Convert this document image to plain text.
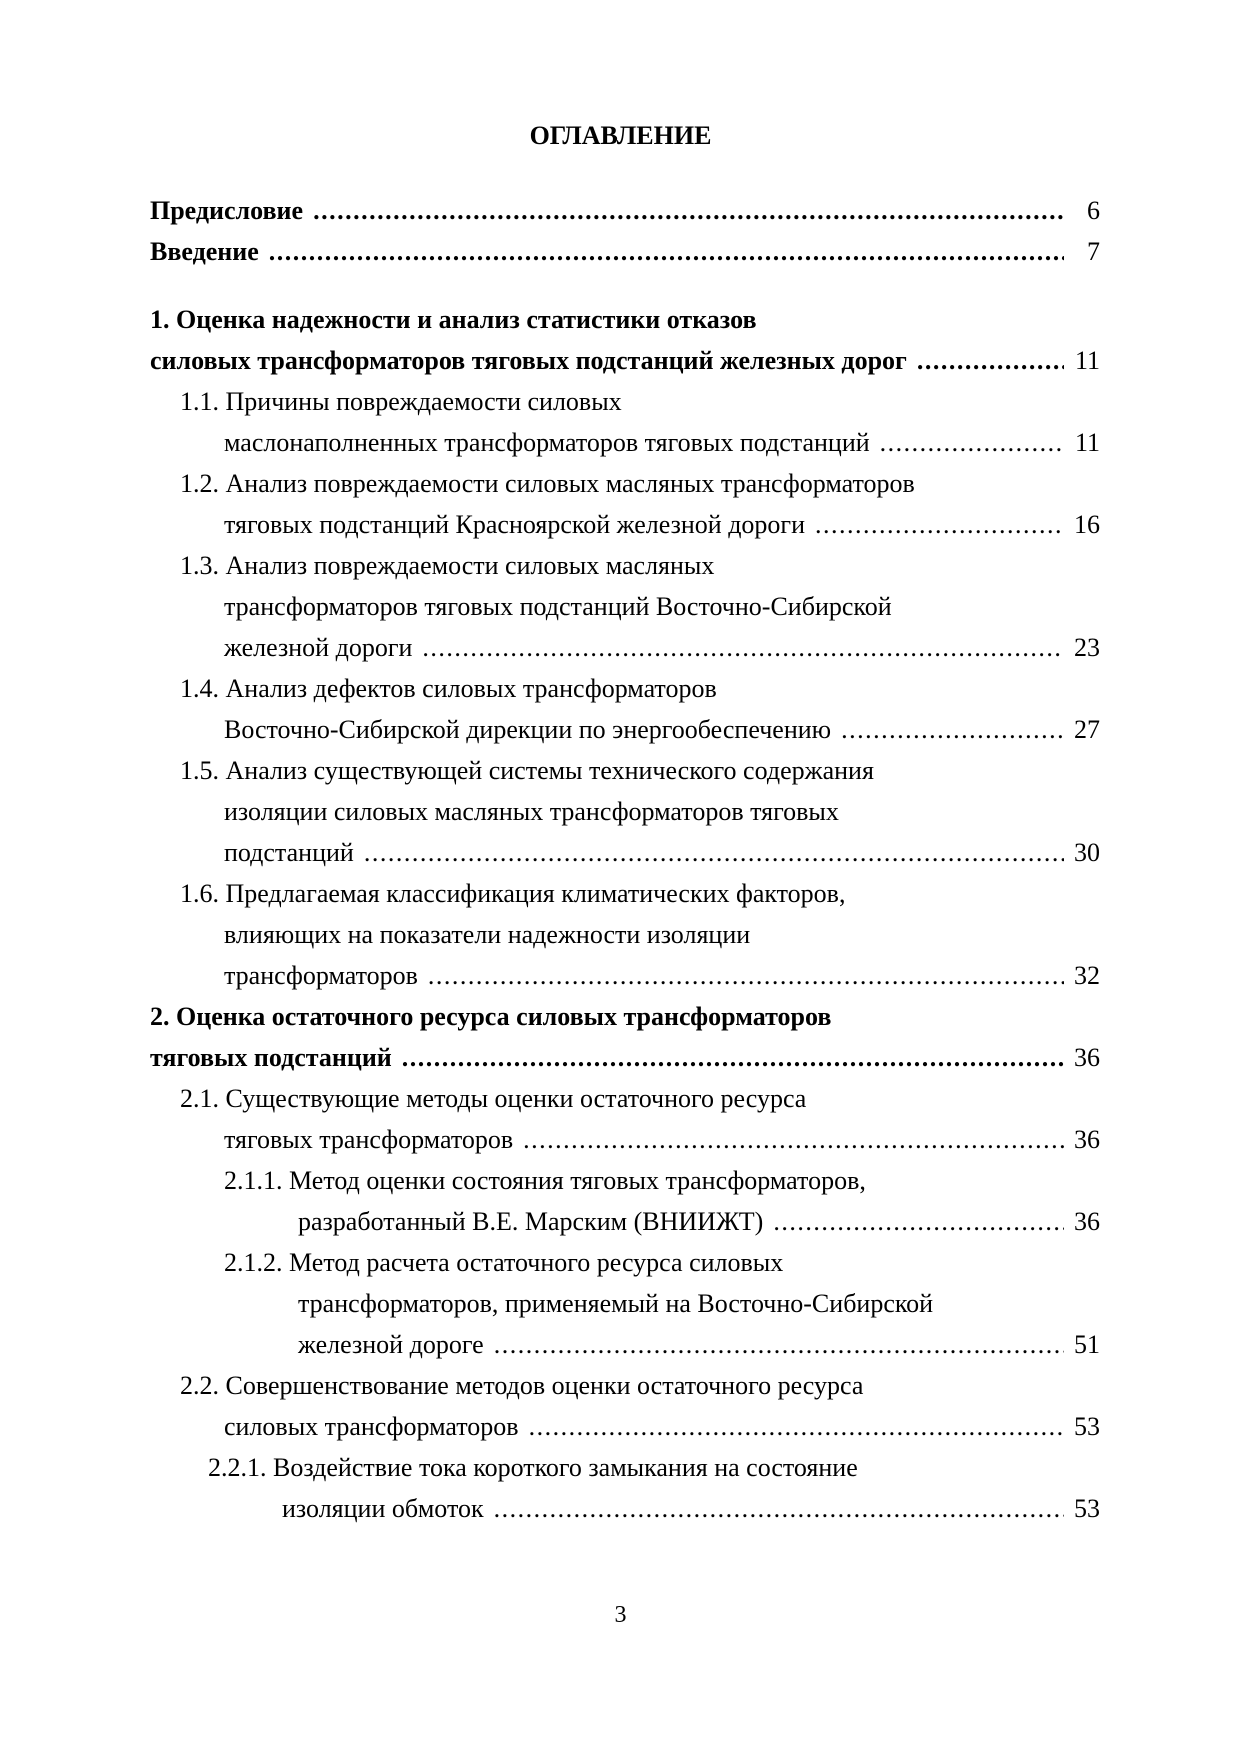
ОГЛАВЛЕНИЕ
Предисловие .....	6
Введение .....	7
1. Оценка надежности и анализ статистики отказов
силовых трансформаторов тяговых подстанций железных дорог .....	11
1.1. Причины повреждаемости силовых
маслонаполненных трансформаторов тяговых подстанций .....	11
1.2. Анализ повреждаемости силовых масляных трансформаторов
тяговых подстанций Красноярской железной дороги .....	16
1.3. Анализ повреждаемости силовых масляных
трансформаторов тяговых подстанций Восточно-Сибирской
железной дороги .....	23
1.4. Анализ дефектов силовых трансформаторов
Восточно-Сибирской дирекции по энергообеспечению .....	27
1.5. Анализ существующей системы технического содержания
изоляции силовых масляных трансформаторов тяговых
подстанций .....	30
1.6. Предлагаемая классификация климатических факторов,
влияющих на показатели надежности изоляции
трансформаторов .....	32
2. Оценка остаточного ресурса силовых трансформаторов
тяговых подстанций .....	36
2.1. Существующие методы оценки остаточного ресурса
тяговых трансформаторов .....	36
2.1.1. Метод оценки состояния тяговых трансформаторов,
разработанный В.Е. Марским (ВНИИЖТ) .....	36
2.1.2. Метод расчета остаточного ресурса силовых
трансформаторов, применяемый на Восточно-Сибирской
железной дороге .....	51
2.2. Совершенствование методов оценки остаточного ресурса
силовых трансформаторов .....	53
2.2.1. Воздействие тока короткого замыкания на состояние
изоляции обмоток .....	53
3
